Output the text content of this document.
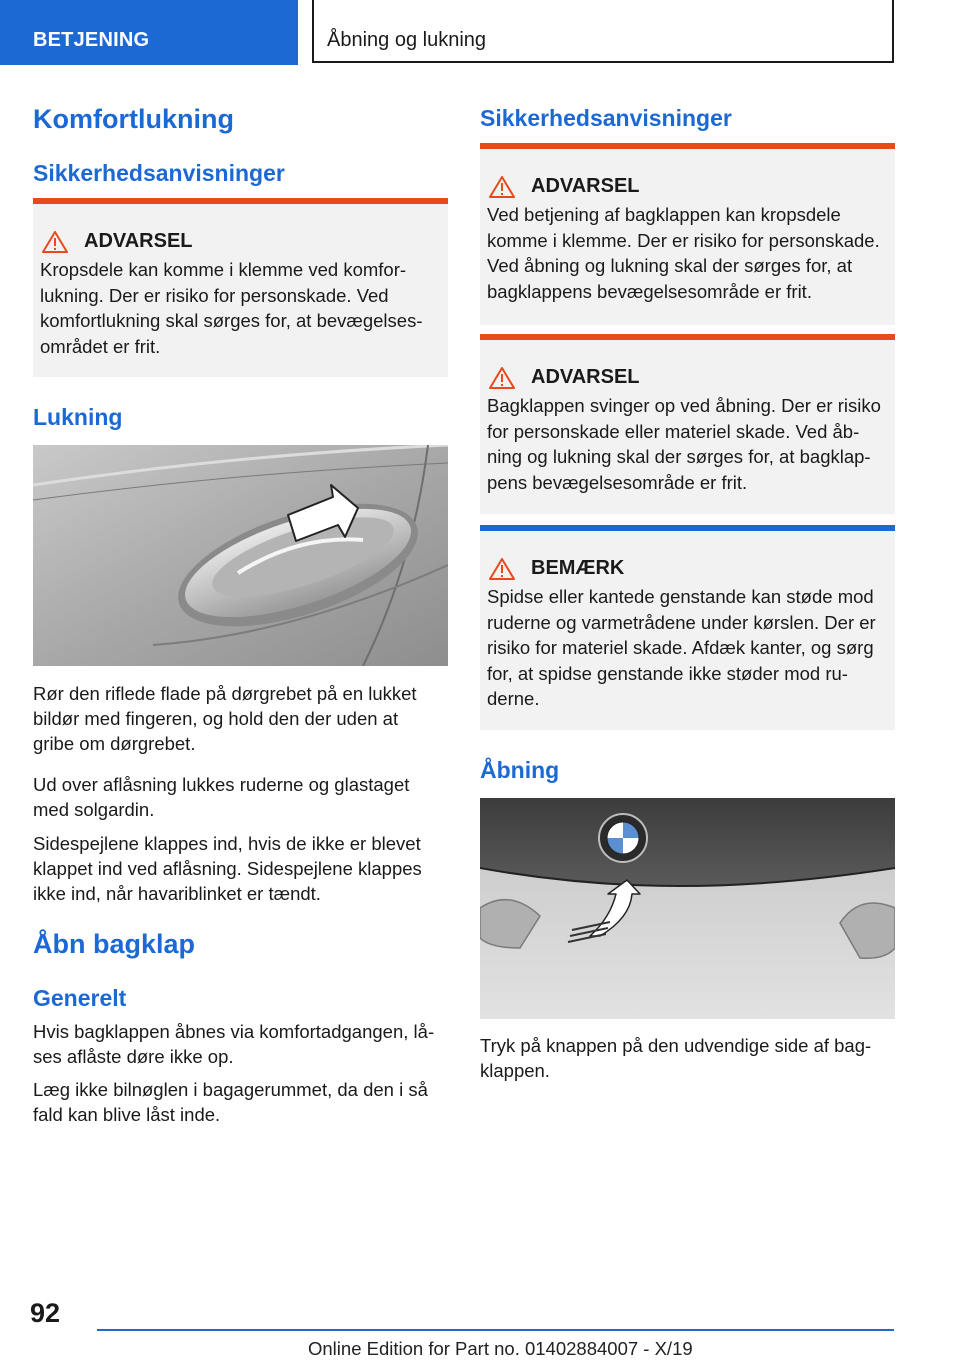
BETJENING	Åbning og lukning
Komfortlukning
Sikkerhedsanvisninger
ADVARSEL
Kropsdele kan komme i klemme ved komforlukning. Der er risiko for personskade. Ved komfortlukning skal sørges for, at bevægelsesområdet er frit.
Lukning

Rør den riflede flade på dørgrebet på en lukket bildør med fingeren, og hold den der uden at gribe om dørgrebet.

Ud over aflåsning lukkes ruderne og glastaget med solgardin.

Sidespejlene klappes ind, hvis de ikke er blevet klappet ind ved aflåsning. Sidespejlene klappes ikke ind, når havariblinket er tændt.

Åbn bagklap
Generelt

Hvis bagklappen åbnes via komfortadgangen, låses aflåste døre ikke op.

Læg ikke bilnøglen i bagagerummet, da den i så fald kan blive låst inde.

Sikkerhedsanvisninger
ADVARSEL
Ved betjening af bagklappen kan kropsdele komme i klemme. Der er risiko for personskade. Ved åbning og lukning skal der sørges for, at bagklappens bevægelsesområde er frit.
ADVARSEL
Bagklappen svinger op ved åbning. Der er risiko for personskade eller materiel skade. Ved åbning og lukning skal der sørges for, at bagklappens bevægelsesområde er frit.
BEMÆRK
Spidse eller kantede genstande kan støde mod ruderne og varmetrådene under kørslen. Der er risiko for materiel skade. Afdæk kanter, og sørg for, at spidse genstande ikke støder mod ruderne.
Åbning

Tryk på knappen på den udvendige side af bagklappen.

92
Online Edition for Part no. 01402884007 - X/19
